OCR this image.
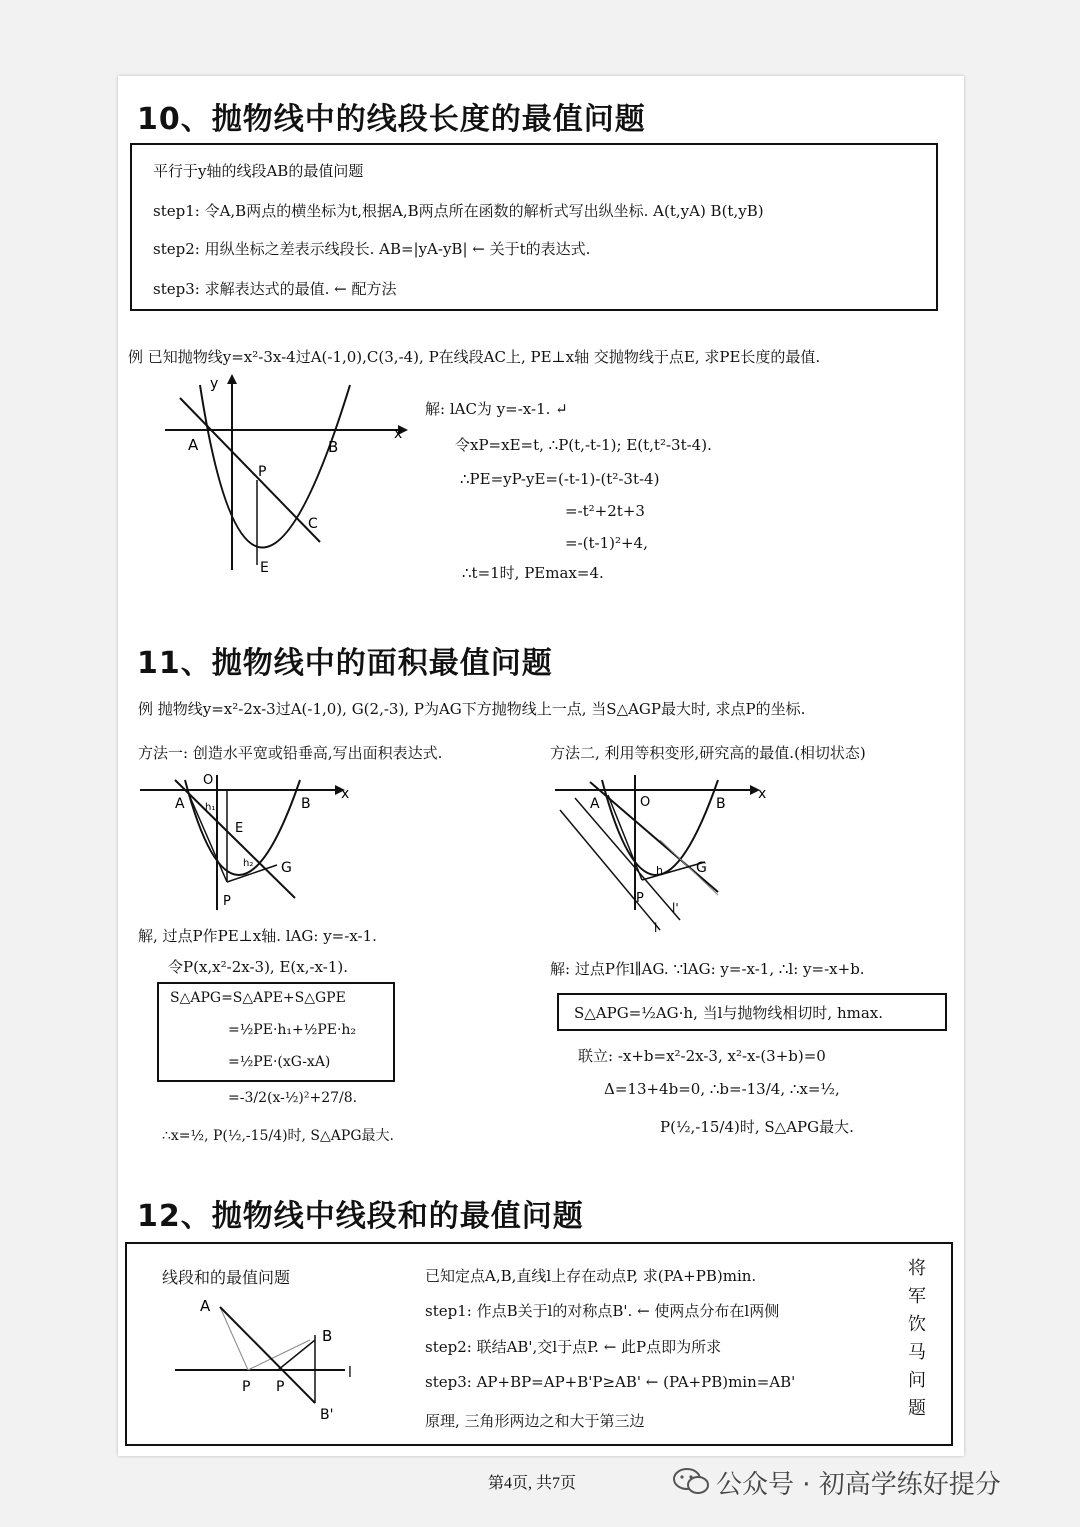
10、抛物线中的线段长度的最值问题
平行于y轴的线段AB的最值问题
step1: 令A,B两点的横坐标为t,根据A,B两点所在函数的解析式写出纵坐标. A(t,yA) B(t,yB)
step2: 用纵坐标之差表示线段长. AB=|yA-yB| ← 关于t的表达式.
step3: 求解表达式的最值. ← 配方法
例 已知抛物线y=x²-3x-4过A(-1,0),C(3,-4), P在线段AC上, PE⊥x轴 交抛物线于点E, 求PE长度的最值.
A	B
P
C
E
y
x
解: lAC为 y=-x-1. ↵
令xP=xE=t, ∴P(t,-t-1); E(t,t²-3t-4).
∴PE=yP-yE=(-t-1)-(t²-3t-4)
=-t²+2t+3
=-(t-1)²+4,
∴t=1时, PEmax=4.
11、抛物线中的面积最值问题
例 抛物线y=x²-2x-3过A(-1,0), G(2,-3), P为AG下方抛物线上一点, 当S△AGP最大时, 求点P的坐标.
方法一: 创造水平宽或铅垂高,写出面积表达式.	方法二, 利用等积变形,研究高的最值.(相切状态)
A
O
B
x
E
G
P
h₁
h₂
A	O	B
x
G
P
h
l'
l
解, 过点P作PE⊥x轴. lAG: y=-x-1.
令P(x,x²-2x-3), E(x,-x-1).
S△APG=S△APE+S△GPE
=½PE·h₁+½PE·h₂
=½PE·(xG-xA)
=-3/2(x-½)²+27/8.
∴x=½, P(½,-15/4)时, S△APG最大.
解: 过点P作l∥AG. ∵lAG: y=-x-1, ∴l: y=-x+b.
S△APG=½AG·h, 当l与抛物线相切时, hmax.
联立: -x+b=x²-2x-3, x²-x-(3+b)=0
Δ=13+4b=0, ∴b=-13/4, ∴x=½,
P(½,-15/4)时, S△APG最大.
12、抛物线中线段和的最值问题
线段和的最值问题
A
B
P P
l
B'
已知定点A,B,直线l上存在动点P, 求(PA+PB)min.
step1: 作点B关于l的对称点B'. ← 使两点分布在l两侧
step2: 联结AB',交l于点P. ← 此P点即为所求
step3: AP+BP=AP+B'P≥AB' ← (PA+PB)min=AB'
原理, 三角形两边之和大于第三边	将军饮马问题
第4页, 共7页	公众号 · 初高学练好提分
